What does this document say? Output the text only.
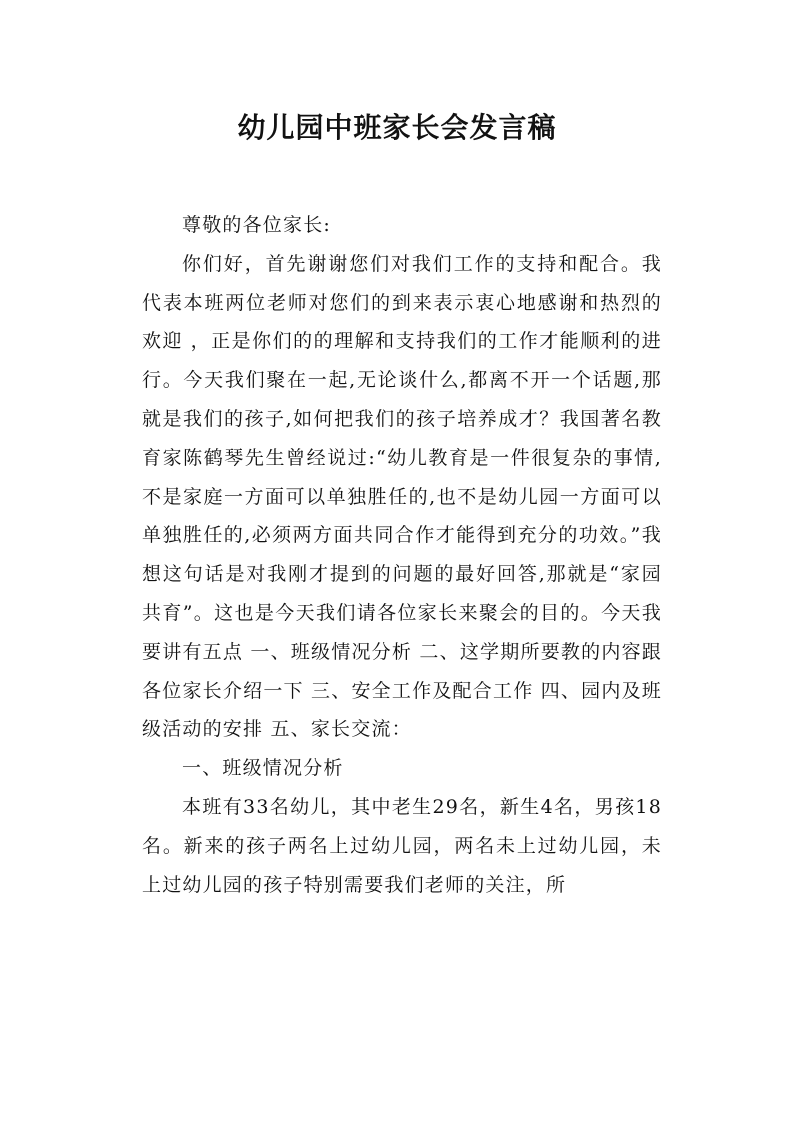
幼儿园中班家长会发言稿

尊敬的各位家长:

你们好，首先谢谢您们对我们工作的支持和配合。我代表本班两位老师对您们的到来表示衷心地感谢和热烈的欢迎 ，正是你们的的理解和支持我们的工作才能顺利的进行。今天我们聚在一起,无论谈什么,都离不开一个话题,那就是我们的孩子,如何把我们的孩子培养成才？我国著名教育家陈鹤琴先生曾经说过:“幼儿教育是一件很复杂的事情,不是家庭一方面可以单独胜任的,也不是幼儿园一方面可以单独胜任的,必须两方面共同合作才能得到充分的功效。”我想这句话是对我刚才提到的问题的最好回答,那就是“家园共育”。这也是今天我们请各位家长来聚会的目的。今天我要讲有五点 一、班级情况分析 二、这学期所要教的内容跟各位家长介绍一下 三、安全工作及配合工作 四、园内及班级活动的安排 五、家长交流：

一、班级情况分析

本班有33名幼儿，其中老生29名，新生4名，男孩18名。新来的孩子两名上过幼儿园，两名未上过幼儿园，未上过幼儿园的孩子特别需要我们老师的关注，所
